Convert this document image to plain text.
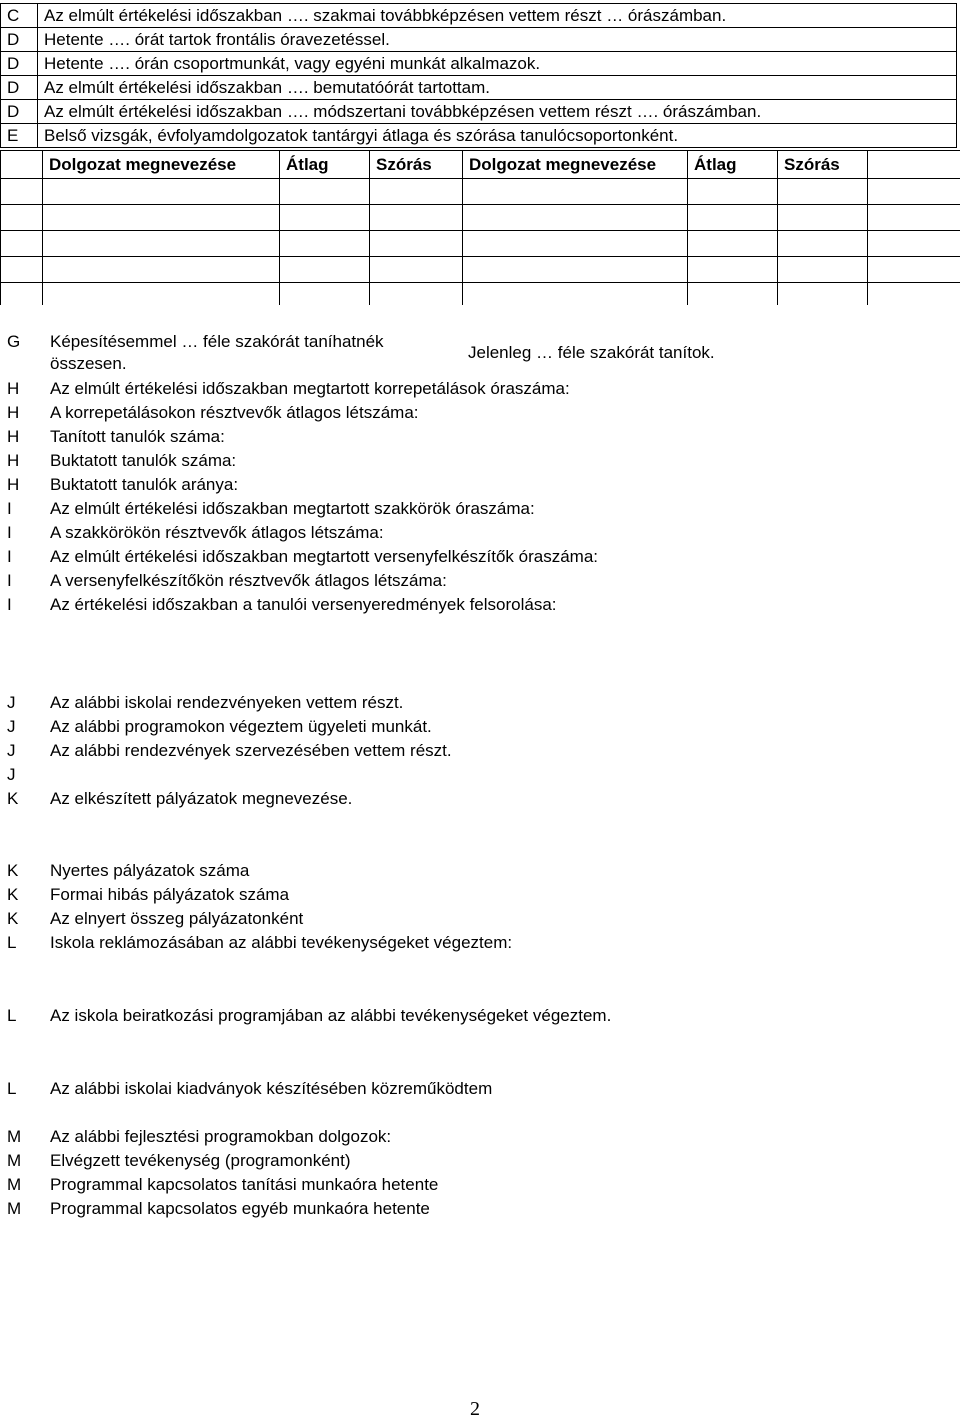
C	Az elmúlt értékelési időszakban …. szakmai továbbképzésen vettem részt … órászámban.
D	Hetente …. órát tartok frontális óravezetéssel.
D	Hetente …. órán csoportmunkát, vagy egyéni munkát alkalmazok.
D	Az elmúlt értékelési időszakban …. bemutatóórát tartottam.
D	Az elmúlt értékelési időszakban …. módszertani továbbképzésen vettem részt …. órászámban.
E	Belső vizsgák, évfolyamdolgozatok tantárgyi átlaga és szórása tanulócsoportonként.
	Dolgozat megnevezése	Átlag	Szórás	Dolgozat megnevezése	Átlag	Szórás	

G Képesítésemmel … féle szakórát taníhatnék
összesen.
Jelenleg … féle szakórát tanítok.
H Az elmúlt értékelési időszakban megtartott korrepetálások óraszáma:
H A korrepetálásokon résztvevők átlagos létszáma:
H Tanított tanulók száma:
H Buktatott tanulók száma:
H Buktatott tanulók aránya:
I Az elmúlt értékelési időszakban megtartott szakkörök óraszáma:
I A szakkörökön résztvevők átlagos létszáma:
I Az elmúlt értékelési időszakban megtartott versenyfelkészítők óraszáma:
I A versenyfelkészítőkön résztvevők átlagos létszáma:
I Az értékelési időszakban a tanulói versenyeredmények felsorolása:
J Az alábbi iskolai rendezvényeken vettem részt.
J Az alábbi programokon végeztem ügyeleti munkát.
J Az alábbi rendezvények szervezésében vettem részt.
J
K Az elkészített pályázatok megnevezése.
K Nyertes pályázatok száma
K Formai hibás pályázatok száma
K Az elnyert összeg pályázatonként
L Iskola reklámozásában az alábbi tevékenységeket végeztem:
L Az iskola beiratkozási programjában az alábbi tevékenységeket végeztem.
L Az alábbi iskolai kiadványok készítésében közreműködtem
M Az alábbi fejlesztési programokban dolgozok:
M Elvégzett tevékenység (programonként)
M Programmal kapcsolatos tanítási munkaóra hetente
M Programmal kapcsolatos egyéb munkaóra hetente
2
